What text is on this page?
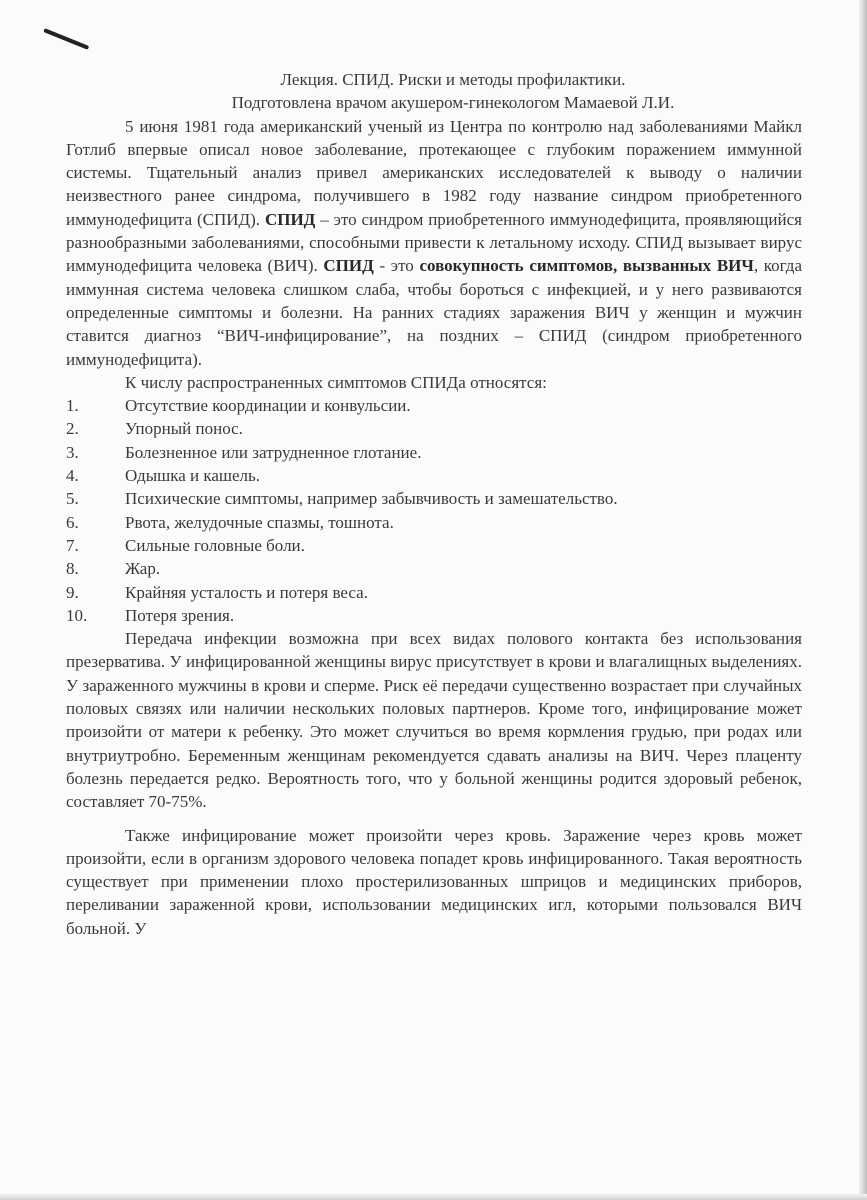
Лекция. СПИД. Риски и методы профилактики.

Подготовлена врачом акушером-гинекологом Мамаевой Л.И.

5 июня 1981 года американский ученый из Центра по контролю над заболеваниями Майкл Готлиб впервые описал новое заболевание, протекающее с глубоким поражением иммунной системы. Тщательный анализ привел американских исследователей к выводу о наличии неизвестного ранее синдрома, получившего в 1982 году название синдром приобретенного иммунодефицита (СПИД). СПИД – это синдром приобретенного иммунодефицита, проявляющийся разнообразными заболеваниями, способными привести к летальному исходу. СПИД вызывает вирус иммунодефицита человека (ВИЧ). СПИД - это совокупность симптомов, вызванных ВИЧ, когда иммунная система человека слишком слаба, чтобы бороться с инфекцией, и у него развиваются определенные симптомы и болезни. На ранних стадиях заражения ВИЧ у женщин и мужчин ставится диагноз “ВИЧ-инфицирование”, на поздних – СПИД (синдром приобретенного иммунодефицита).

К числу распространенных симптомов СПИДа относятся:

1.	Отсутствие координации и конвульсии.
2.	Упорный понос.
3.	Болезненное или затрудненное глотание.
4.	Одышка и кашель.
5.	Психические симптомы, например забывчивость и замешательство.
6.	Рвота, желудочные спазмы, тошнота.
7.	Сильные головные боли.
8.	Жар.
9.	Крайняя усталость и потеря веса.
10.	Потеря зрения.

Передача инфекции возможна при всех видах полового контакта без использования презерватива. У инфицированной женщины вирус присутствует в крови и влагалищных выделениях. У зараженного мужчины в крови и сперме. Риск её передачи существенно возрастает при случайных половых связях или наличии нескольких половых партнеров. Кроме того, инфицирование может произойти от матери к ребенку. Это может случиться во время кормления грудью, при родах или внутриутробно. Беременным женщинам рекомендуется сдавать анализы на ВИЧ. Через плаценту болезнь передается редко. Вероятность того, что у больной женщины родится здоровый ребенок, составляет 70-75%.

Также инфицирование может произойти через кровь. Заражение через кровь может произойти, если в организм здорового человека попадет кровь инфицированного. Такая вероятность существует при применении плохо простерилизованных шприцов и медицинских приборов, переливании зараженной крови, использовании медицинских игл, которыми пользовался ВИЧ больной. У
